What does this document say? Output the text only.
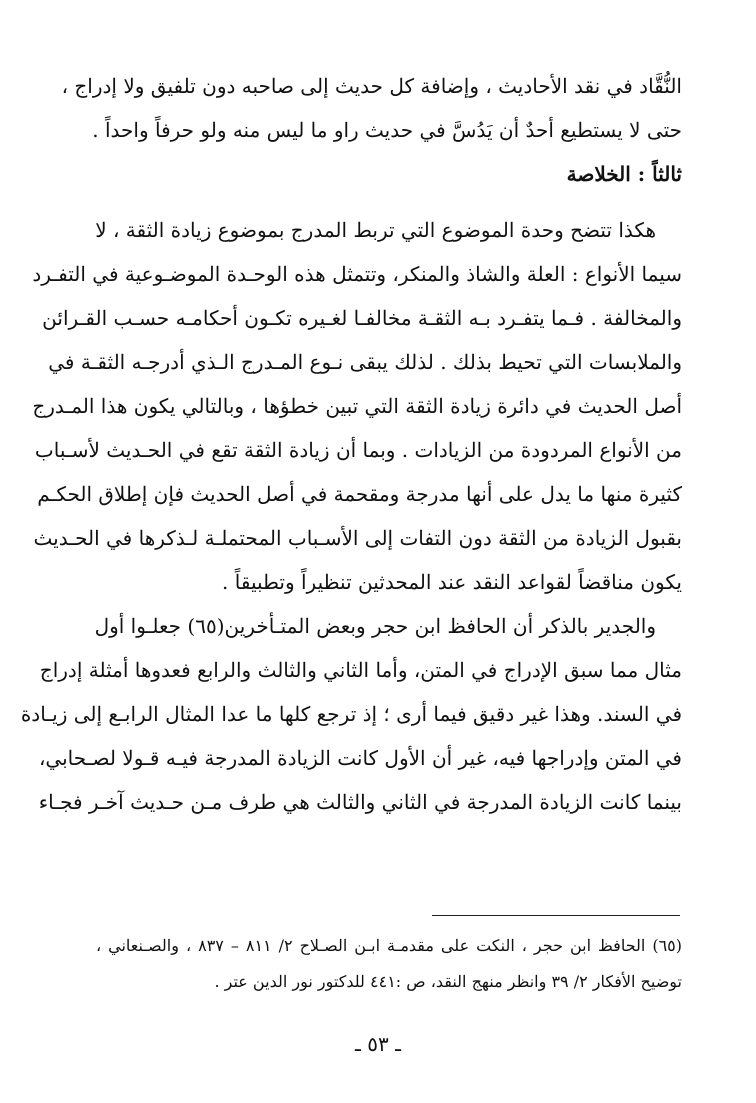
النُّقَّاد في نقد الأحاديث ، وإضافة كل حديث إلى صاحبه دون تلفيق ولا إدراج ،
حتى لا يستطيع أحدٌ أن يَدُسَّ في حديث راو ما ليس منه ولو حرفاً واحداً .
ثالثاً : الخلاصة
هكذا تتضح وحدة الموضوع التي تربط المدرج بموضوع زيادة الثقة ، لا
سيما الأنواع : العلة والشاذ والمنكر، وتتمثل هذه الوحـدة الموضـوعية في التفـرد
والمخالفة . فـما يتفـرد بـه الثقـة مخالفـا لغـيره تكـون أحكامـه حسـب القـرائن
والملابسات التي تحيط بذلك . لذلك يبقى نـوع المـدرج الـذي أدرجـه الثقـة في
أصل الحديث في دائرة زيادة الثقة التي تبين خطؤها ، وبالتالي يكون هذا المـدرج
من الأنواع المردودة من الزيادات . وبما أن زيادة الثقة تقع في الحـديث لأسـباب
كثيرة منها ما يدل على أنها مدرجة ومقحمة في أصل الحديث فإن إطلاق الحكـم
بقبول الزيادة من الثقة دون التفات إلى الأسـباب المحتملـة لـذكرها في الحـديث
يكون مناقضاً لقواعد النقد عند المحدثين تنظيراً وتطبيقاً .
والجدير بالذكر أن الحافظ ابن حجر وبعض المتـأخرين(٦٥) جعلـوا أول
مثال مما سبق الإدراج في المتن، وأما الثاني والثالث والرابع فعدوها أمثلة إدراج
في السند. وهذا غير دقيق فيما أرى ؛ إذ ترجع كلها ما عدا المثال الرابـع إلى زيـادة
في المتن وإدراجها فيه، غير أن الأول كانت الزيادة المدرجة فيـه قـولا لصـحابي،
بينما كانت الزيادة المدرجة في الثاني والثالث هي طرف مـن حـديث آخـر فجـاء
(٦٥) الحافظ ابن حجر ، النكت على مقدمـة ابـن الصـلاح ٢/ ٨١١ – ٨٣٧ ، والصـنعاني ،
توضيح الأفكار ٢/ ٣٩ وانظر منهج النقد، ص :٤٤١ للدكتور نور الدين عتر .
ـ ٥٣ ـ
